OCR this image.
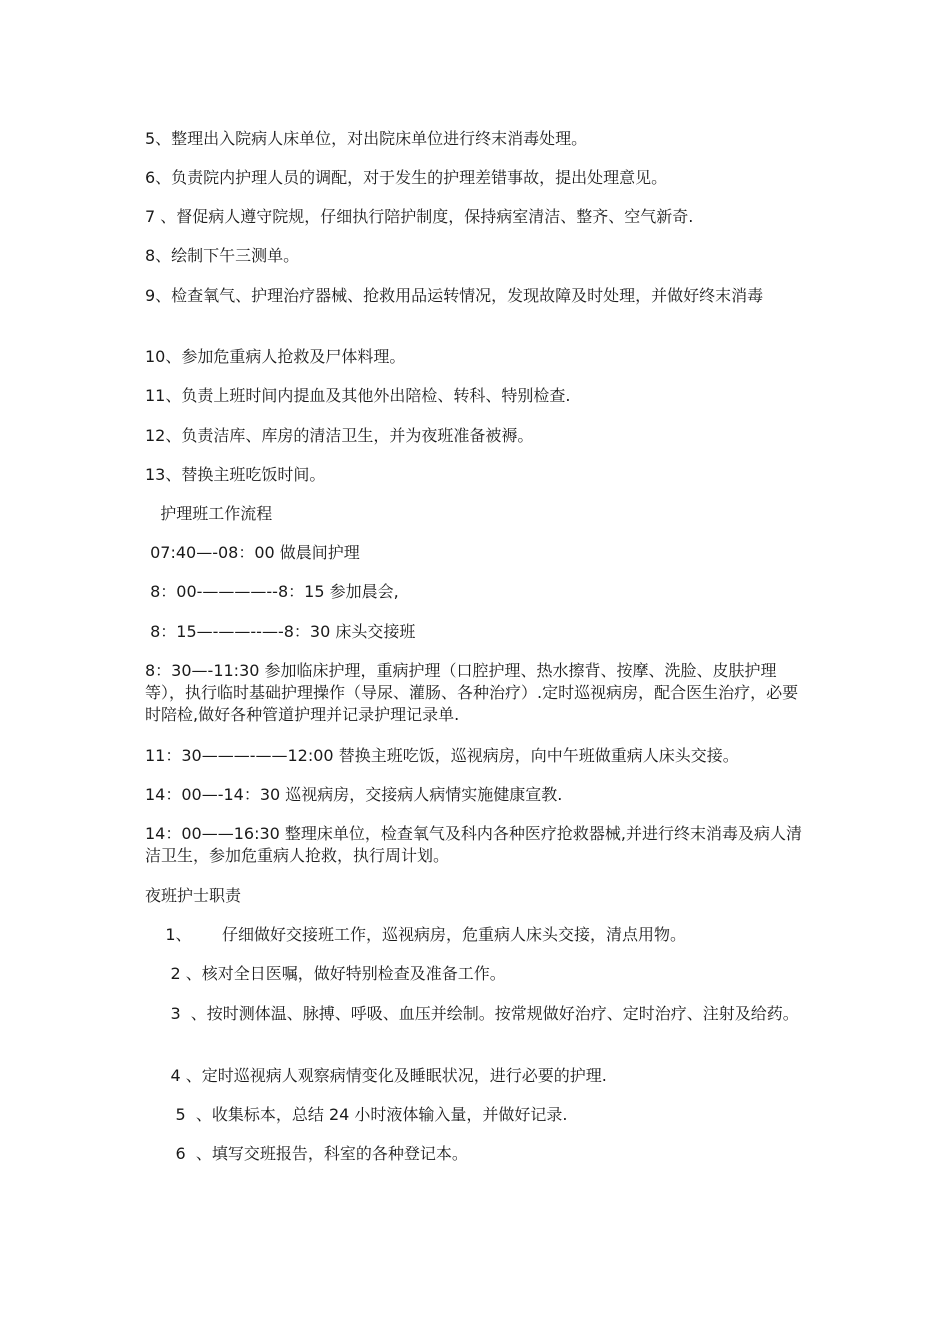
5、整理出入院病人床单位，对出院床单位进行终末消毒处理。

6、负责院内护理人员的调配，对于发生的护理差错事故，提出处理意见。

7 、督促病人遵守院规，仔细执行陪护制度，保持病室清洁、整齐、空气新奇.

8、绘制下午三测单。

9、检查氧气、护理治疗器械、抢救用品运转情况，发现故障及时处理，并做好终末消毒

10、参加危重病人抢救及尸体料理。

11、负责上班时间内提血及其他外出陪检、转科、特别检查.

12、负责洁库、库房的清洁卫生，并为夜班准备被褥。

13、替换主班吃饭时间。

护理班工作流程

07:40—-08：00 做晨间护理

8：00-————--8：15 参加晨会,

8：15—-——--—-8：30 床头交接班

8：30—-11:30 参加临床护理，重病护理（口腔护理、热水擦背、按摩、洗脸、皮肤护理等），执行临时基础护理操作（导尿、灌肠、各种治疗）.定时巡视病房，配合医生治疗，必要时陪检,做好各种管道护理并记录护理记录单.

11：30———-——12:00 替换主班吃饭，巡视病房，向中午班做重病人床头交接。

14：00—-14：30 巡视病房，交接病人病情实施健康宣教.

14：00——16:30 整理床单位，检查氧气及科内各种医疗抢救器械,并进行终末消毒及病人清洁卫生，参加危重病人抢救，执行周计划。

夜班护士职责

1、      仔细做好交接班工作，巡视病房，危重病人床头交接，清点用物。

2 、核对全日医嘱，做好特别检查及准备工作。

3  、按时测体温、脉搏、呼吸、血压并绘制。按常规做好治疗、定时治疗、注射及给药。

4 、定时巡视病人观察病情变化及睡眠状况，进行必要的护理.

5  、收集标本，总结 24 小时液体输入量，并做好记录.

6  、填写交班报告，科室的各种登记本。
